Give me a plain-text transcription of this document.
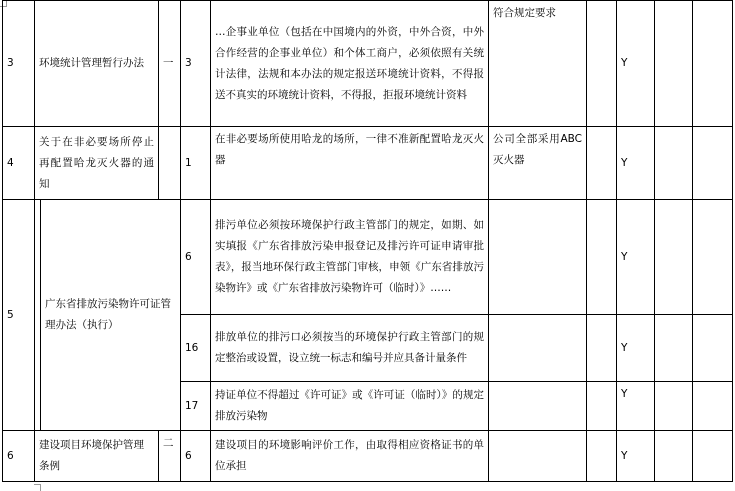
3	环境统计管理暂行办法		一	3	…企事业单位（包括在中国境内的外资，中外合资，中外合作经营的企事业单位）和个体工商户，必须依照有关统计法律，法规和本办法的规定报送环境统计资料，不得报送不真实的环境统计资料，不得报，拒报环境统计资料	符合规定要求		Y		
4	关于在非必要场所停止再配置哈龙灭火器的通知			1	在非必要场所使用哈龙的场所，一律不准新配置哈龙灭火器	公司全部采用ABC灭火器		Y		
5		广东省排放污染物许可证管理办法（执行）		6	排污单位必须按环境保护行政主管部门的规定，如期、如实填报《广东省排放污染申报登记及排污许可证申请审批表》，报当地环保行政主管部门审核，申领《广东省排放污染物许》或《广东省排放污染物许可（临时）》……			Y		
				16	排放单位的排污口必须按当的环境保护行政主管部门的规定整治或设置，设立统一标志和编号并应具备计量条件			Y		
				17	持证单位不得超过《许可证》或《许可证（临时）》的规定排放污染物			Y		
6	建设项目环境保护管理条例		二	6	建设项目的环境影响评价工作，由取得相应资格证书的单位承担			Y		
